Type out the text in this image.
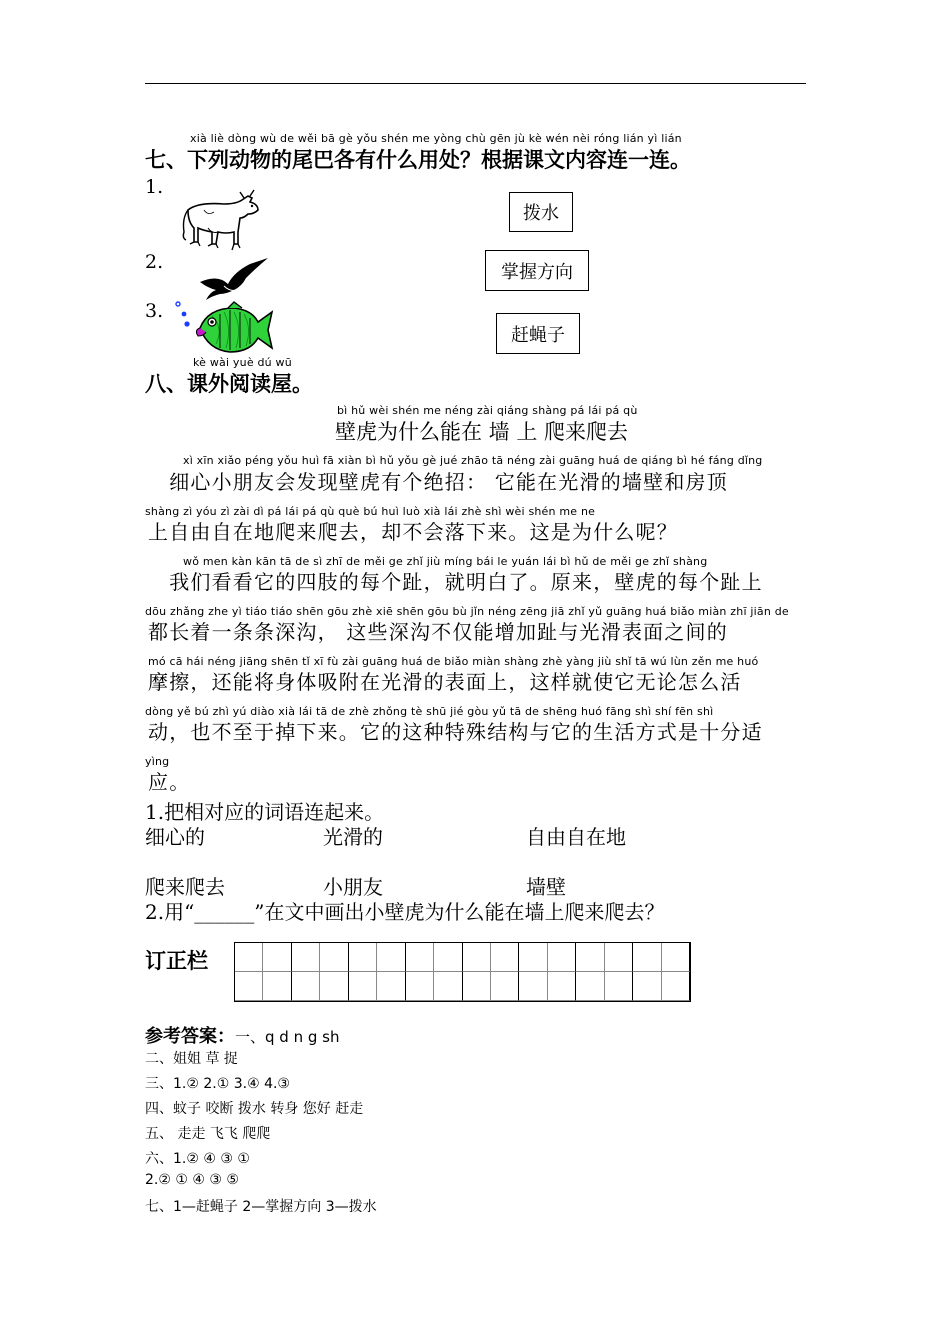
xià liè dòng wù de wěi bā gè yǒu shén me yòng chù gēn jù kè wén nèi róng lián yì lián
七、下列动物的尾巴各有什么用处？根据课文内容连一连。
1.
2.
3.
拨水
掌握方向
赶蝇子
kè wài yuè dú wū
八、课外阅读屋。
bì hǔ wèi shén me néng zài qiáng shàng pá lái pá qù
壁虎为什么能在 墙 上 爬来爬去
xì xīn xiǎo péng yǒu huì fā xiàn bì hǔ yǒu gè jué zhāo tā néng zài guāng huá de qiáng bì hé fáng dǐng
　细心小朋友会发现壁虎有个绝招： 它能在光滑的墙壁和房顶
shàng zì yóu zì zài dì pá lái pá qù què bú huì luò xià lái zhè shì wèi shén me ne
上自由自在地爬来爬去，却不会落下来。这是为什么呢？
wǒ men kàn kān tā de sì zhī de měi ge zhǐ jiù míng bái le yuán lái bì hǔ de měi ge zhǐ shàng
　我们看看它的四肢的每个趾，就明白了。原来，壁虎的每个趾上
dōu zhǎng zhe yì tiáo tiáo shēn gōu zhè xiē shēn gōu bù jǐn néng zēng jiā zhǐ yǔ guāng huá biǎo miàn zhī jiān de
都长着一条条深沟， 这些深沟不仅能增加趾与光滑表面之间的
mó cā hái néng jiāng shēn tǐ xī fù zài guāng huá de biǎo miàn shàng zhè yàng jiù shǐ tā wú lùn zěn me huó
摩擦，还能将身体吸附在光滑的表面上，这样就使它无论怎么活
dòng yě bú zhì yú diào xià lái tā de zhè zhǒng tè shū jié gòu yǔ tā de shēng huó fāng shì shí fēn shì
动，也不至于掉下来。它的这种特殊结构与它的生活方式是十分适
yìng
应。
1.把相对应的词语连起来。
细心的	光滑的	自由自在地
爬来爬去	小朋友	墙壁
2.用“______”在文中画出小壁虎为什么能在墙上爬来爬去？
订正栏
参考答案：一、q d n g sh
二、姐姐 草 捉
三、1.② 2.① 3.④ 4.③
四、蚊子 咬断 拨水 转身 您好 赶走
五、 走走 飞飞 爬爬
六、1.② ④ ③ ①
2.② ① ④ ③ ⑤
七、1—赶蝇子 2—掌握方向 3—拨水
